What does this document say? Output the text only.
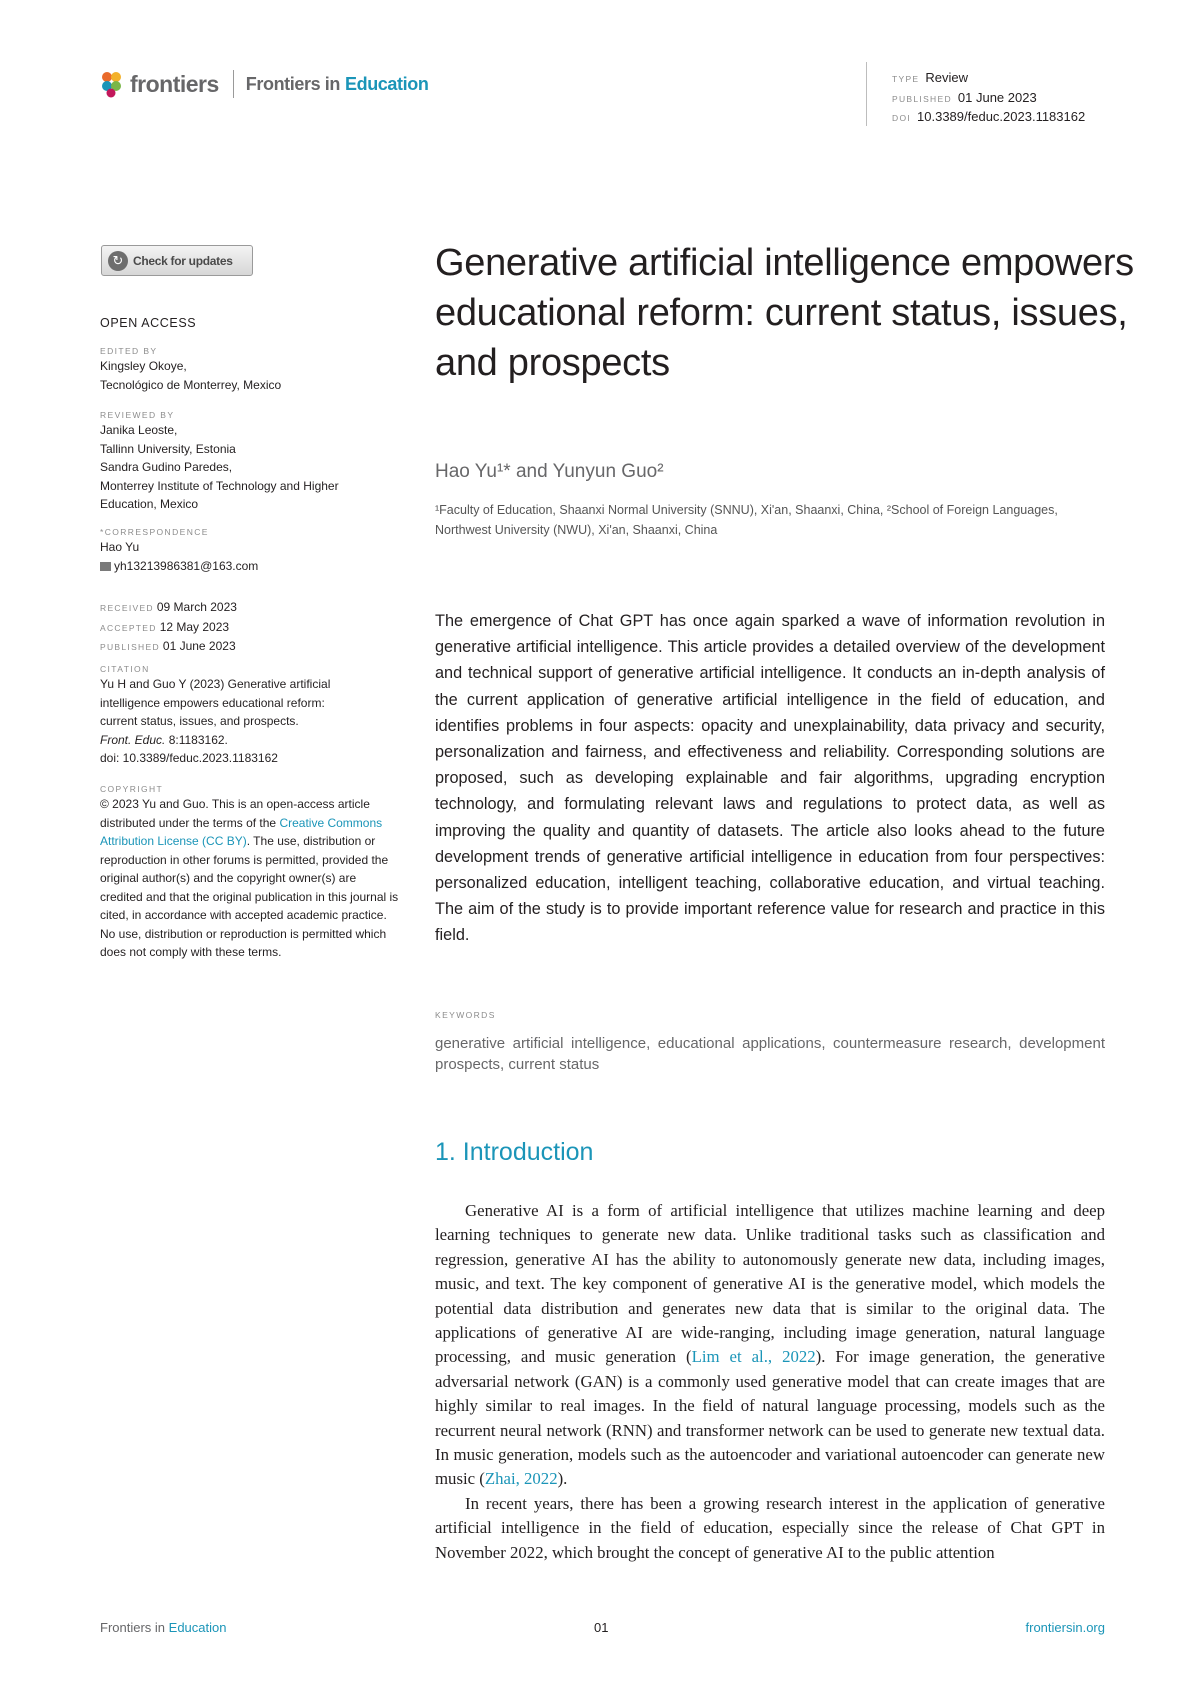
frontiers Frontiers in Education	TYPE Review
PUBLISHED 01 June 2023
DOI 10.3389/feduc.2023.1183162
↻ Check for updates
OPEN ACCESS
EDITED BY
Kingsley Okoye,
Tecnológico de Monterrey, Mexico
REVIEWED BY
Janika Leoste,
Tallinn University, Estonia
Sandra Gudino Paredes,
Monterrey Institute of Technology and Higher
Education, Mexico
*CORRESPONDENCE
Hao Yu
yh13213986381@163.com
RECEIVED 09 March 2023
ACCEPTED 12 May 2023
PUBLISHED 01 June 2023
CITATION
Yu H and Guo Y (2023) Generative artificial
intelligence empowers educational reform:
current status, issues, and prospects.
Front. Educ. 8:1183162.
doi: 10.3389/feduc.2023.1183162
COPYRIGHT
© 2023 Yu and Guo. This is an open-access article distributed under the terms of the Creative Commons Attribution License (CC BY). The use, distribution or reproduction in other forums is permitted, provided the original author(s) and the copyright owner(s) are credited and that the original publication in this journal is cited, in accordance with accepted academic practice. No use, distribution or reproduction is permitted which does not comply with these terms.
Generative artificial intelligence empowers educational reform: current status, issues, and prospects
Hao Yu¹* and Yunyun Guo²
¹Faculty of Education, Shaanxi Normal University (SNNU), Xi'an, Shaanxi, China, ²School of Foreign Languages, Northwest University (NWU), Xi'an, Shaanxi, China
The emergence of Chat GPT has once again sparked a wave of information revolution in generative artificial intelligence. This article provides a detailed overview of the development and technical support of generative artificial intelligence. It conducts an in-depth analysis of the current application of generative artificial intelligence in the field of education, and identifies problems in four aspects: opacity and unexplainability, data privacy and security, personalization and fairness, and effectiveness and reliability. Corresponding solutions are proposed, such as developing explainable and fair algorithms, upgrading encryption technology, and formulating relevant laws and regulations to protect data, as well as improving the quality and quantity of datasets. The article also looks ahead to the future development trends of generative artificial intelligence in education from four perspectives: personalized education, intelligent teaching, collaborative education, and virtual teaching. The aim of the study is to provide important reference value for research and practice in this field.
KEYWORDS
generative artificial intelligence, educational applications, countermeasure research, development prospects, current status
1. Introduction

Generative AI is a form of artificial intelligence that utilizes machine learning and deep learning techniques to generate new data. Unlike traditional tasks such as classification and regression, generative AI has the ability to autonomously generate new data, including images, music, and text. The key component of generative AI is the generative model, which models the potential data distribution and generates new data that is similar to the original data. The applications of generative AI are wide-ranging, including image generation, natural language processing, and music generation (Lim et al., 2022). For image generation, the generative adversarial network (GAN) is a commonly used generative model that can create images that are highly similar to real images. In the field of natural language processing, models such as the recurrent neural network (RNN) and transformer network can be used to generate new textual data. In music generation, models such as the autoencoder and variational autoencoder can generate new music (Zhai, 2022).

In recent years, there has been a growing research interest in the application of generative artificial intelligence in the field of education, especially since the release of Chat GPT in November 2022, which brought the concept of generative AI to the public attention

Frontiers in Education	01	frontiersin.org
